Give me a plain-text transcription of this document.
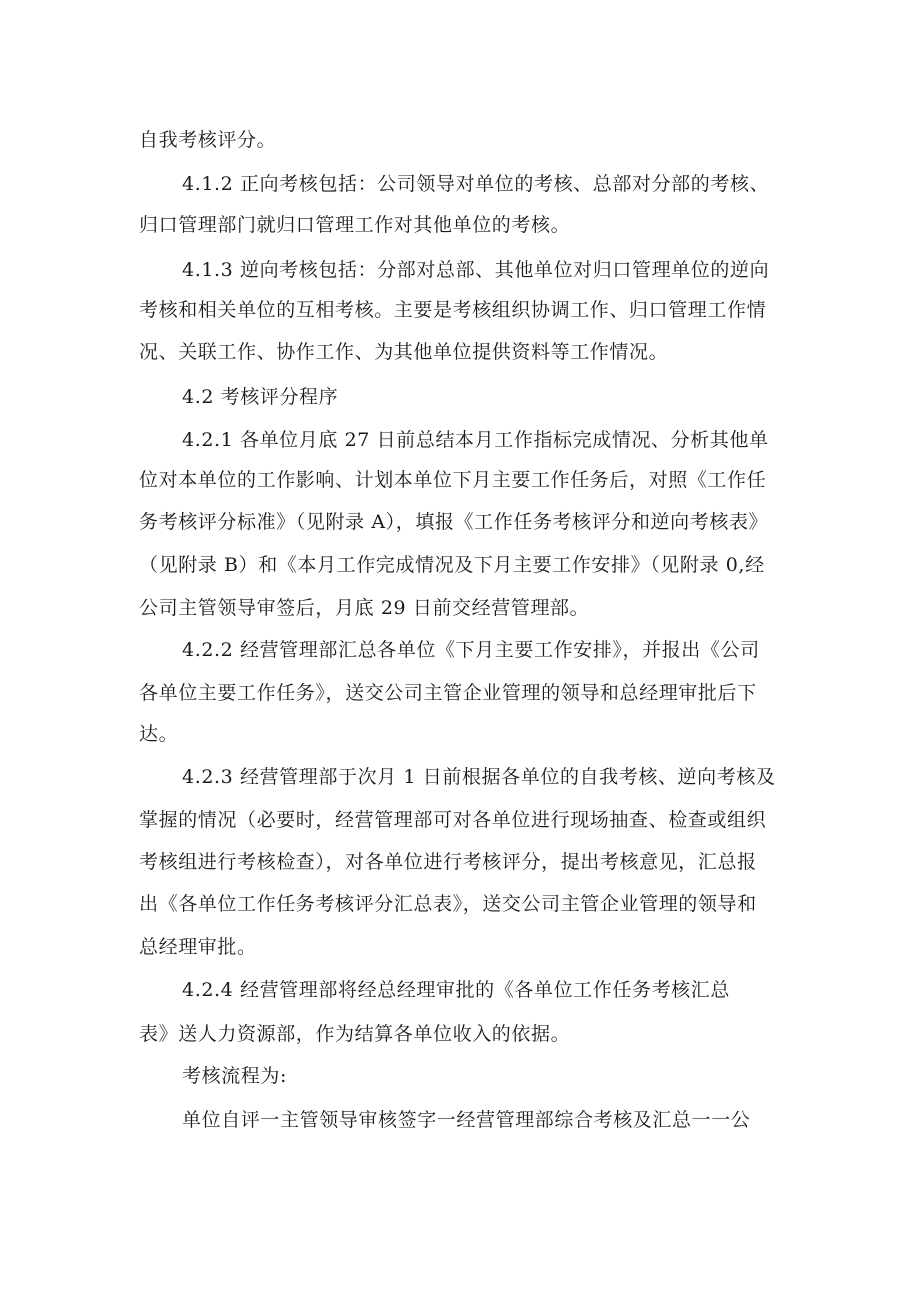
自我考核评分。
4.1.2 正向考核包括：公司领导对单位的考核、总部对分部的考核、
归口管理部门就归口管理工作对其他单位的考核。
4.1.3 逆向考核包括：分部对总部、其他单位对归口管理单位的逆向
考核和相关单位的互相考核。主要是考核组织协调工作、归口管理工作情
况、关联工作、协作工作、为其他单位提供资料等工作情况。
4.2 考核评分程序
4.2.1 各单位月底 27 日前总结本月工作指标完成情况、分析其他单
位对本单位的工作影响、计划本单位下月主要工作任务后，对照《工作任
务考核评分标准》（见附录 A），填报《工作任务考核评分和逆向考核表》
（见附录 B）和《本月工作完成情况及下月主要工作安排》（见附录 0,经
公司主管领导审签后，月底 29 日前交经营管理部。
4.2.2 经营管理部汇总各单位《下月主要工作安排》，并报出《公司
各单位主要工作任务》，送交公司主管企业管理的领导和总经理审批后下
达。
4.2.3 经营管理部于次月 1 日前根据各单位的自我考核、逆向考核及
掌握的情况（必要时，经营管理部可对各单位进行现场抽查、检查或组织
考核组进行考核检查），对各单位进行考核评分，提出考核意见，汇总报
出《各单位工作任务考核评分汇总表》，送交公司主管企业管理的领导和
总经理审批。
4.2.4 经营管理部将经总经理审批的《各单位工作任务考核汇总
表》送人力资源部，作为结算各单位收入的依据。
考核流程为:
单位自评一主管领导审核签字一经营管理部综合考核及汇总一一公
